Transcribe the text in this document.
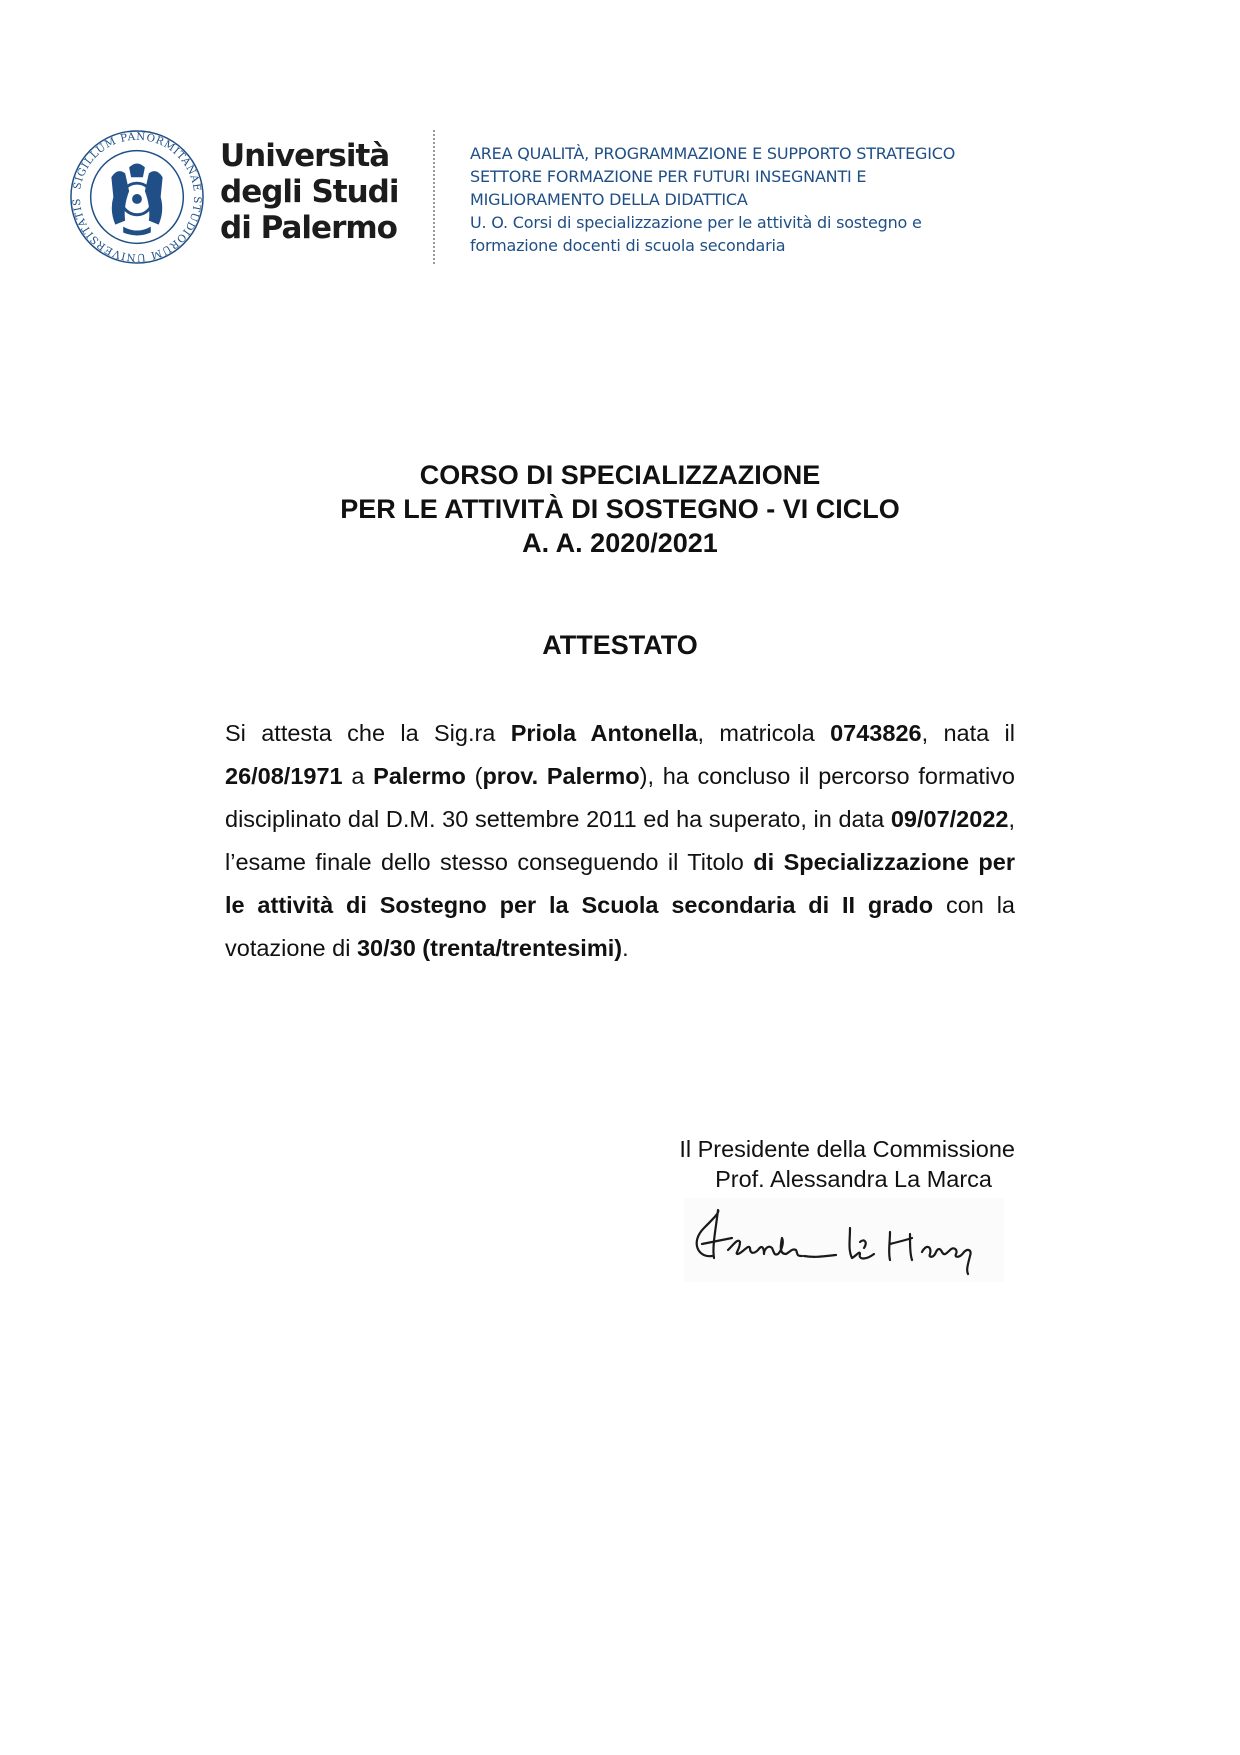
SIGILLUM PANORMITANAE STUDIORUM UNIVERSITATIS
Università
degli Studi
di Palermo
AREA QUALITÀ, PROGRAMMAZIONE E SUPPORTO STRATEGICO
SETTORE FORMAZIONE PER FUTURI INSEGNANTI E
MIGLIORAMENTO DELLA DIDATTICA
U. O. Corsi di specializzazione per le attività di sostegno e
formazione docenti di scuola secondaria
CORSO DI SPECIALIZZAZIONE
PER LE ATTIVITÀ DI SOSTEGNO - VI CICLO
A. A. 2020/2021
ATTESTATO
Si attesta che la Sig.ra Priola Antonella, matricola 0743826, nata il 26/08/1971 a Palermo (prov. Palermo), ha concluso il percorso formativo disciplinato dal D.M. 30 settembre 2011 ed ha superato, in data 09/07/2022, l’esame finale dello stesso conseguendo il Titolo di Specializzazione per le attività di Sostegno per la Scuola secondaria di II grado con la votazione di 30/30 (trenta/trentesimi).
Il Presidente della Commissione
Prof. Alessandra La Marca
